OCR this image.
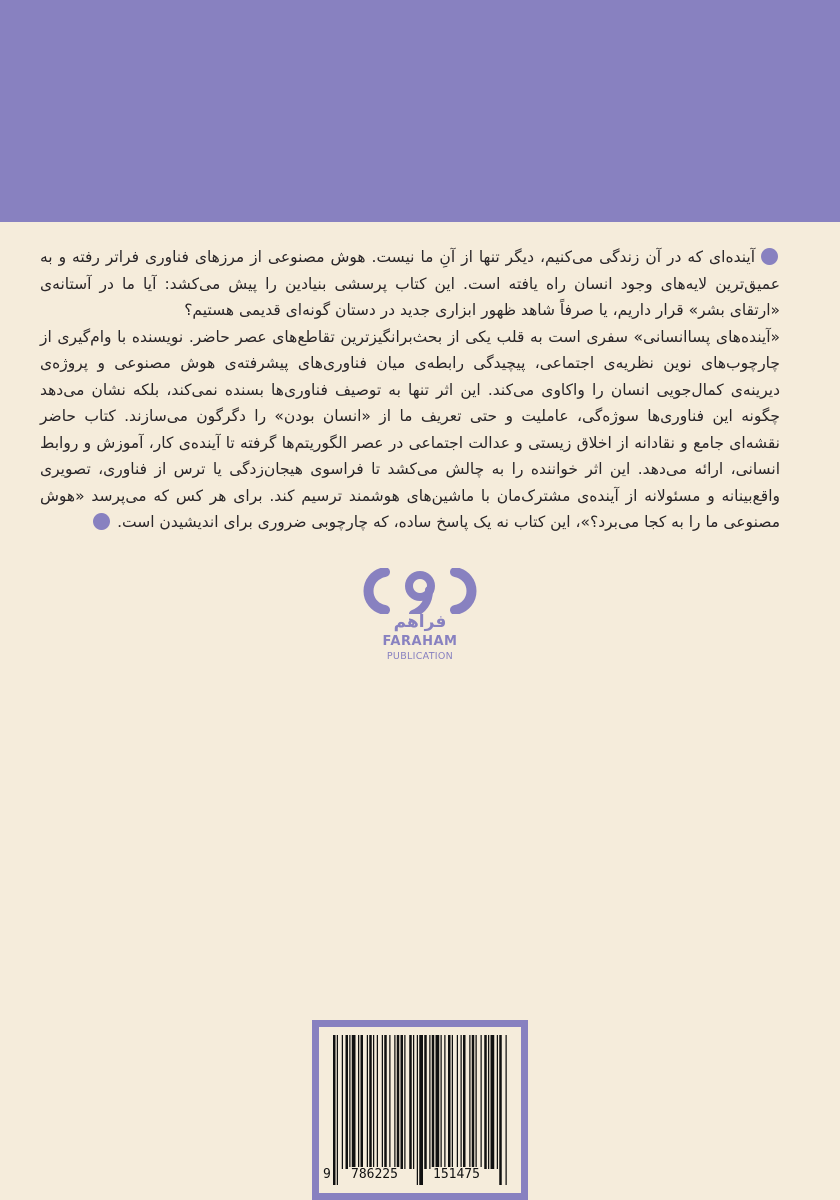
آینده‌ای که در آن زندگی می‌کنیم، دیگر تنها از آنِ ما نیست. هوش مصنوعی از مرزهای فناوری فراتر رفته و به عمیق‌ترین لایه‌های وجود انسان راه یافته است. این کتاب پرسشی بنیادین را پیش می‌کشد: آیا ما در آستانه‌ی «ارتقای بشر» قرار داریم، یا صرفاً شاهد ظهور ابزاری جدید در دستان گونه‌ای قدیمی هستیم؟

«آینده‌های پساانسانی» سفری است به قلب یکی از بحث‌برانگیزترین تقاطع‌های عصر حاضر. نویسنده با وام‌گیری از چارچوب‌های نوین نظریه‌ی اجتماعی، پیچیدگی رابطه‌ی میان فناوری‌های پیشرفته‌ی هوش مصنوعی و پروژه‌ی دیرینه‌ی کمال‌جویی انسان را واکاوی می‌کند. این اثر تنها به توصیف فناوری‌ها بسنده نمی‌کند، بلکه نشان می‌دهد چگونه این فناوری‌ها سوژه‌گی، عاملیت و حتی تعریف ما از «انسان بودن» را دگرگون می‌سازند. کتاب حاضر نقشه‌ای جامع و نقادانه از اخلاق زیستی و عدالت اجتماعی در عصر الگوریتم‌ها گرفته تا آینده‌ی کار، آموزش و روابط انسانی، ارائه می‌دهد. این اثر خواننده را به چالش می‌کشد تا فراسوی هیجان‌زدگی یا ترس از فناوری، تصویری واقع‌بینانه و مسئولانه از آینده‌ی مشترک‌مان با ماشین‌های هوشمند ترسیم کند. برای هر کس که می‌پرسد «هوش مصنوعی ما را به کجا می‌برد؟»، این کتاب نه یک پاسخ ساده، که چارچوبی ضروری برای اندیشیدن است.

فراهم
FARAHAM
PUBLICATION
9 786225	151475
